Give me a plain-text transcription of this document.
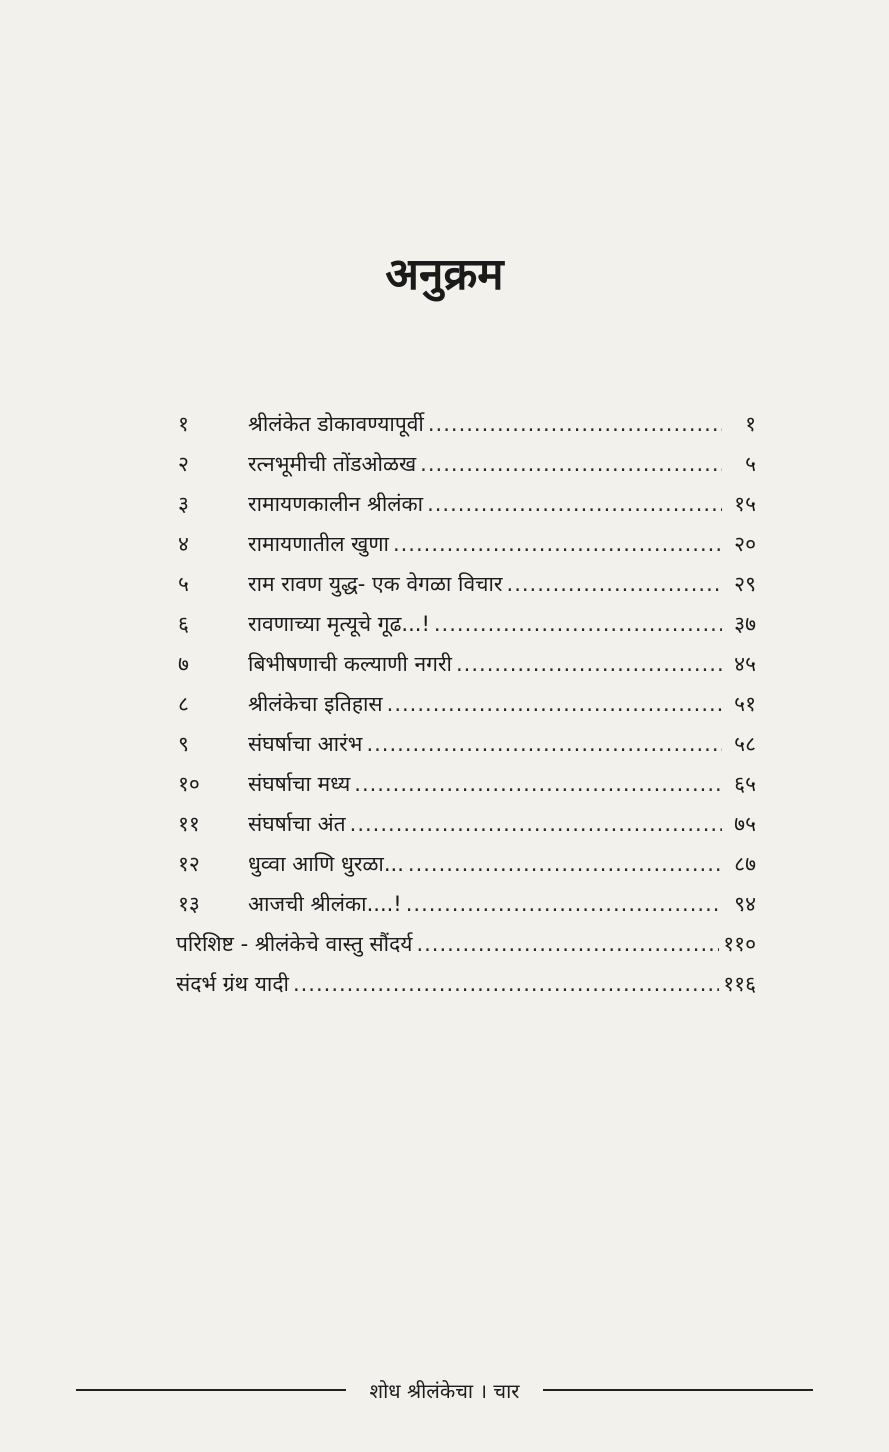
अनुक्रम
१	श्रीलंकेत डोकावण्यापूर्वी .....	१
२	रत्नभूमीची तोंडओळख .....	५
३	रामायणकालीन श्रीलंका .....	१५
४	रामायणातील खुणा .....	२०
५	राम रावण युद्ध- एक वेगळा विचार .....	२९
६	रावणाच्या मृत्यूचे गूढ...! .....	३७
७	बिभीषणाची कल्याणी नगरी .....	४५
८	श्रीलंकेचा इतिहास .....	५१
९	संघर्षाचा आरंभ .....	५८
१०	संघर्षाचा मध्य .....	६५
११	संघर्षाचा अंत .....	७५
१२	धुव्वा आणि धुरळा... .....	८७
१३	आजची श्रीलंका....! .....	९४
परिशिष्ट - श्रीलंकेचे वास्तु सौंदर्य .....	११०
संदर्भ ग्रंथ यादी .....	११६
शोध श्रीलंकेचा । चार
